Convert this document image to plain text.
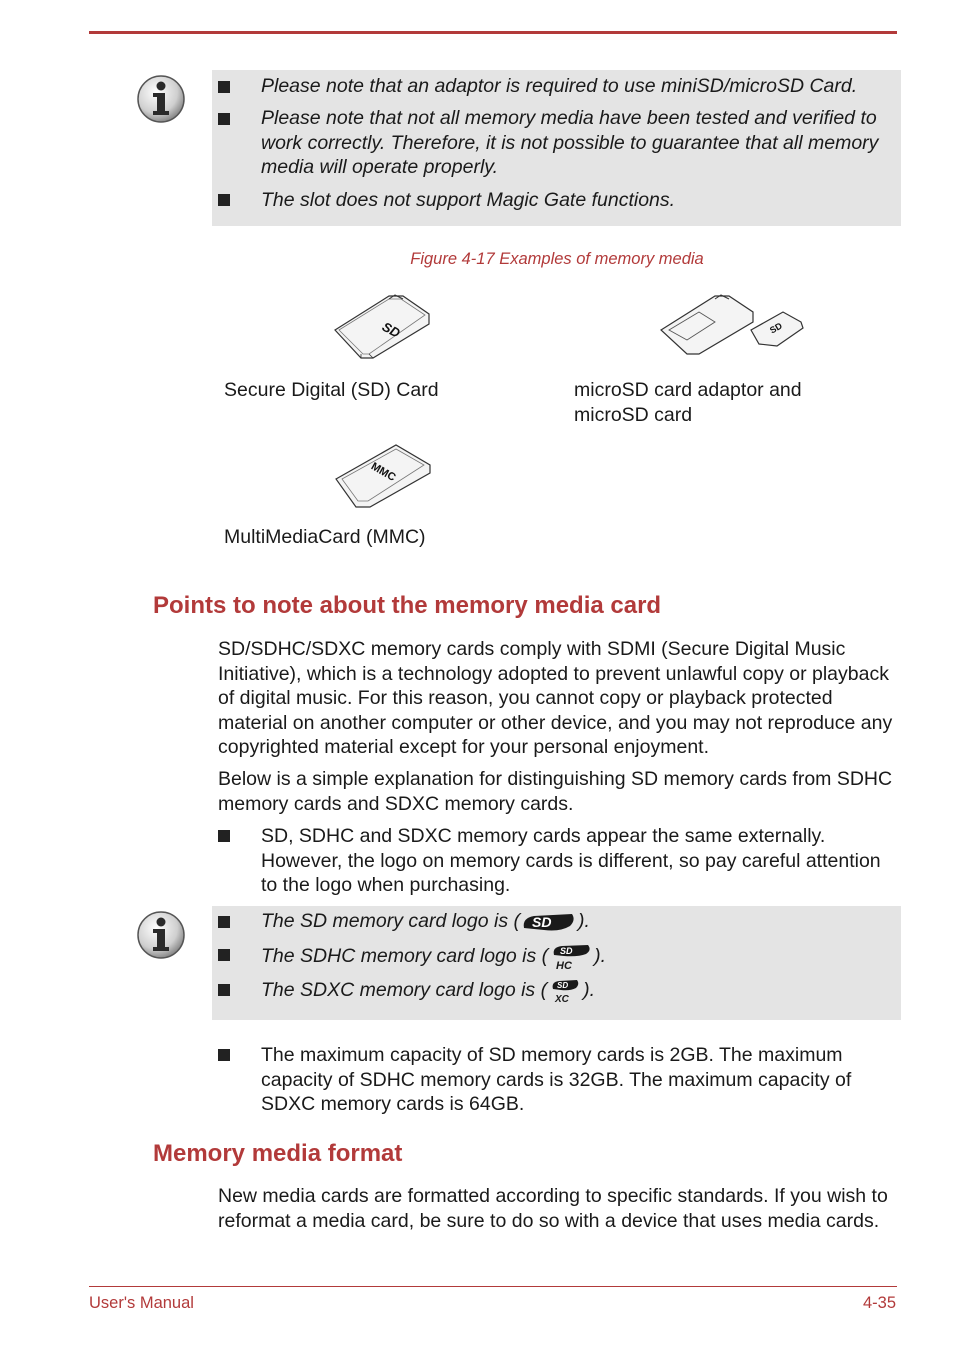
Please note that an adaptor is required to use miniSD/microSD Card.
Please note that not all memory media have been tested and verified to work correctly. Therefore, it is not possible to guarantee that all memory media will operate properly.
The slot does not support Magic Gate functions.
Figure 4-17 Examples of memory media
SD
Secure Digital (SD) Card
SD
microSD card adaptor and microSD card
MMC
MultiMediaCard (MMC)
Points to note about the memory media card

SD/SDHC/SDXC memory cards comply with SDMI (Secure Digital Music Initiative), which is a technology adopted to prevent unlawful copy or playback of digital music. For this reason, you cannot copy or playback protected material on another computer or other device, and you may not reproduce any copyrighted material except for your personal enjoyment.

Below is a simple explanation for distinguishing SD memory cards from SDHC memory cards and SDXC memory cards.

SD, SDHC and SDXC memory cards appear the same externally. However, the logo on memory cards is different, so pay careful attention to the logo when purchasing.
The SD memory card logo is ( SD ).
The SDHC memory card logo is ( SD
HC ).
The SDXC memory card logo is ( SD
XC ).
The maximum capacity of SD memory cards is 2GB. The maximum capacity of SDHC memory cards is 32GB. The maximum capacity of SDXC memory cards is 64GB.
Memory media format

New media cards are formatted according to specific standards. If you wish to reformat a media card, be sure to do so with a device that uses media cards.

User's Manual	4-35
